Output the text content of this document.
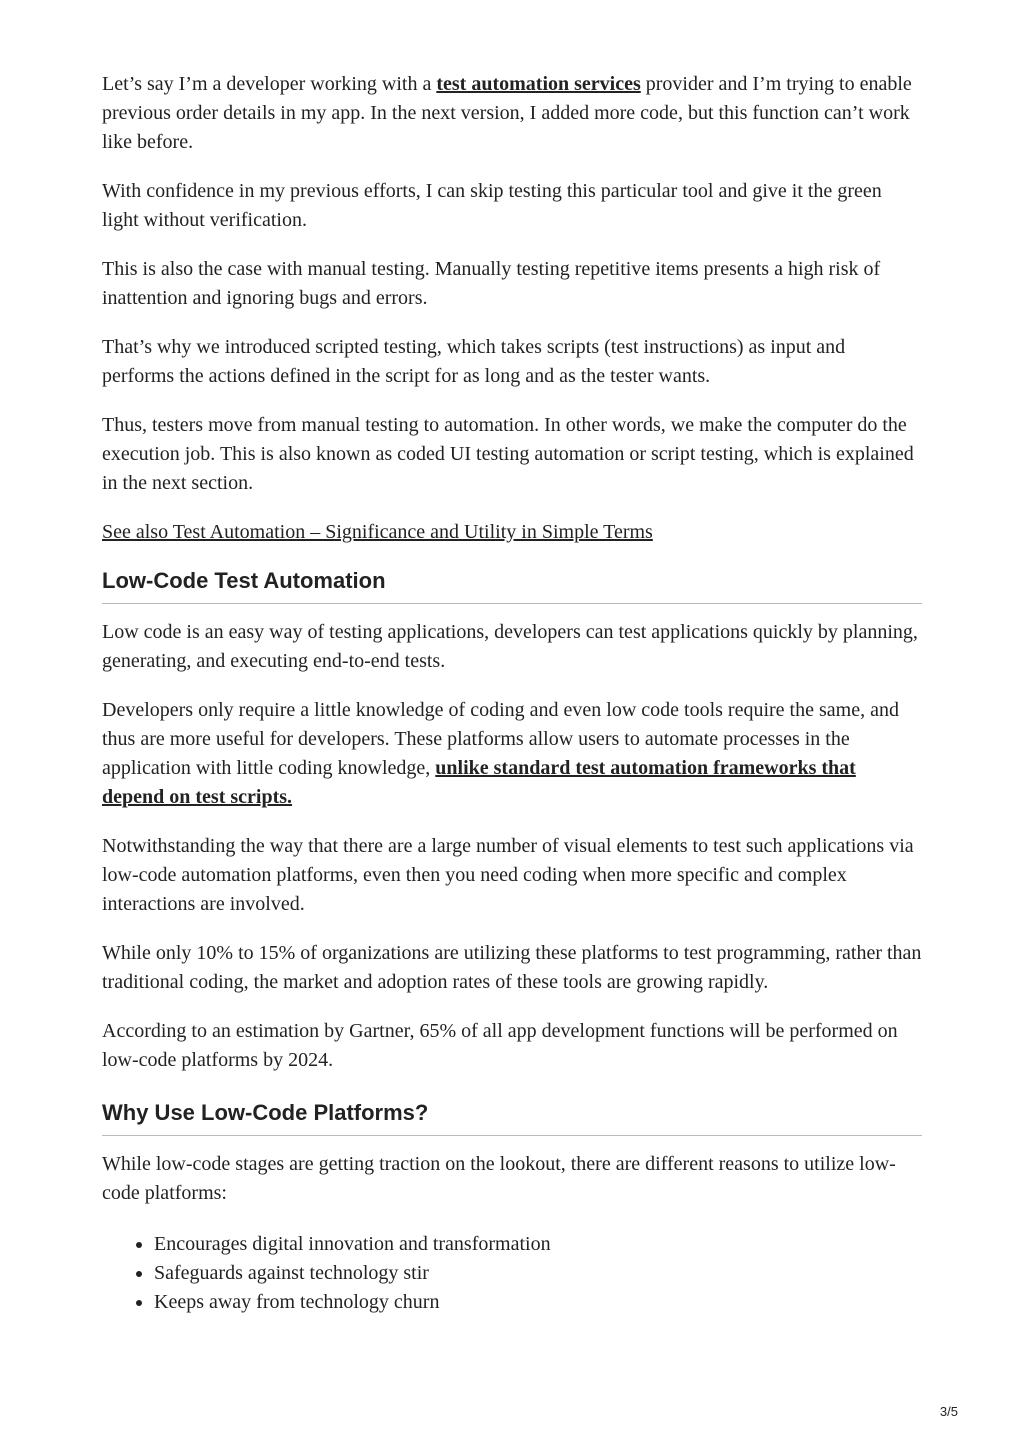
Let’s say I’m a developer working with a test automation services provider and I’m trying to enable previous order details in my app. In the next version, I added more code, but this function can’t work like before.

With confidence in my previous efforts, I can skip testing this particular tool and give it the green light without verification.

This is also the case with manual testing. Manually testing repetitive items presents a high risk of inattention and ignoring bugs and errors.

That’s why we introduced scripted testing, which takes scripts (test instructions) as input and performs the actions defined in the script for as long and as the tester wants.

Thus, testers move from manual testing to automation. In other words, we make the computer do the execution job. This is also known as coded UI testing automation or script testing, which is explained in the next section.

See also Test Automation – Significance and Utility in Simple Terms

Low-Code Test Automation

Low code is an easy way of testing applications, developers can test applications quickly by planning, generating, and executing end-to-end tests.

Developers only require a little knowledge of coding and even low code tools require the same, and thus are more useful for developers. These platforms allow users to automate processes in the application with little coding knowledge, unlike standard test automation frameworks that depend on test scripts.

Notwithstanding the way that there are a large number of visual elements to test such applications via low-code automation platforms, even then you need coding when more specific and complex interactions are involved.

While only 10% to 15% of organizations are utilizing these platforms to test programming, rather than traditional coding, the market and adoption rates of these tools are growing rapidly.

According to an estimation by Gartner, 65% of all app development functions will be performed on low-code platforms by 2024.

Why Use Low-Code Platforms?

While low-code stages are getting traction on the lookout, there are different reasons to utilize low-code platforms:

• Encourages digital innovation and transformation
• Safeguards against technology stir
• Keeps away from technology churn
3/5
